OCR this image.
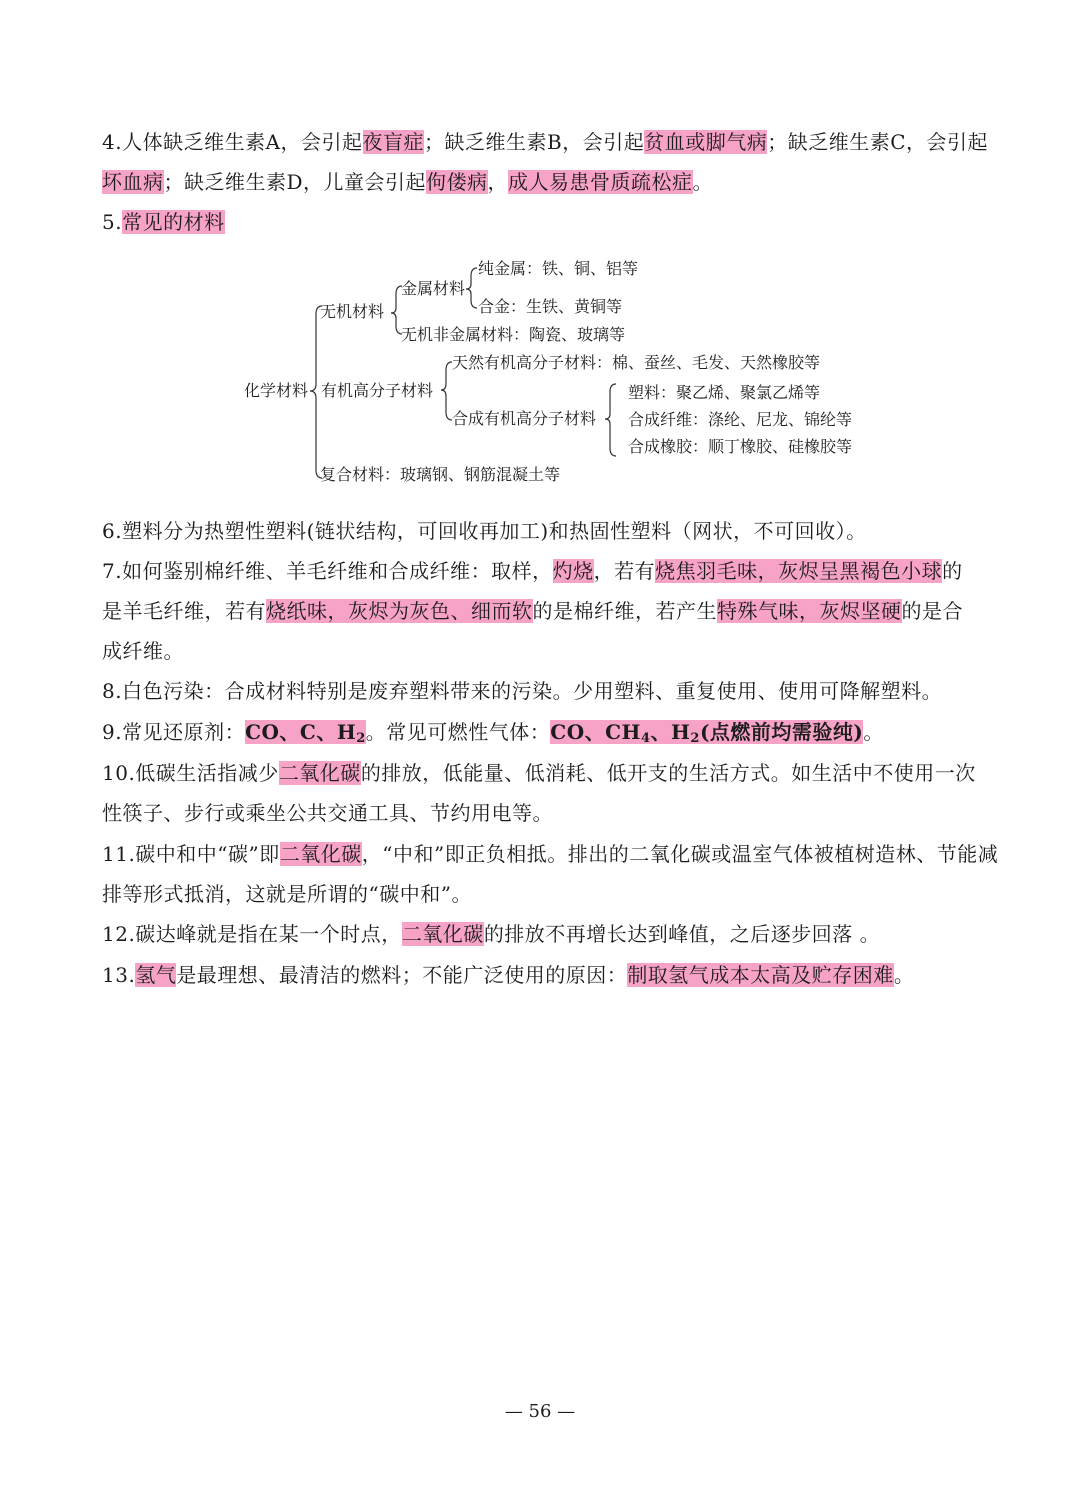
4.人体缺乏维生素A，会引起夜盲症；缺乏维生素B，会引起贫血或脚气病；缺乏维生素C，会引起
坏血病；缺乏维生素D，儿童会引起佝偻病，成人易患骨质疏松症。
5.常见的材料
化学材料
无机材料
金属材料
纯金属：铁、铜、铝等
合金：生铁、黄铜等
无机非金属材料：陶瓷、玻璃等
有机高分子材料
天然有机高分子材料：棉、蚕丝、毛发、天然橡胶等
合成有机高分子材料
塑料：聚乙烯、聚氯乙烯等
合成纤维：涤纶、尼龙、锦纶等
合成橡胶：顺丁橡胶、硅橡胶等
复合材料：玻璃钢、钢筋混凝土等
6.塑料分为热塑性塑料(链状结构，可回收再加工)和热固性塑料（网状，不可回收）。
7.如何鉴别棉纤维、羊毛纤维和合成纤维：取样，灼烧，若有烧焦羽毛味，灰烬呈黑褐色小球的
是羊毛纤维，若有烧纸味，灰烬为灰色、细而软的是棉纤维，若产生特殊气味，灰烬坚硬的是合
成纤维。
8.白色污染：合成材料特别是废弃塑料带来的污染。少用塑料、重复使用、使用可降解塑料。
9.常见还原剂：CO、C、$H_2$。常见可燃性气体：CO、$CH_4$、$H_2$(点燃前均需验纯)。
10.低碳生活指减少二氧化碳的排放，低能量、低消耗、低开支的生活方式。如生活中不使用一次
性筷子、步行或乘坐公共交通工具、节约用电等。
11.碳中和中“碳”即二氧化碳，“中和”即正负相抵。排出的二氧化碳或温室气体被植树造林、节能减
排等形式抵消，这就是所谓的“碳中和”。
12.碳达峰就是指在某一个时点，二氧化碳的排放不再增长达到峰值，之后逐步回落 。
13.氢气是最理想、最清洁的燃料；不能广泛使用的原因：制取氢气成本太高及贮存困难。
— 56 —
